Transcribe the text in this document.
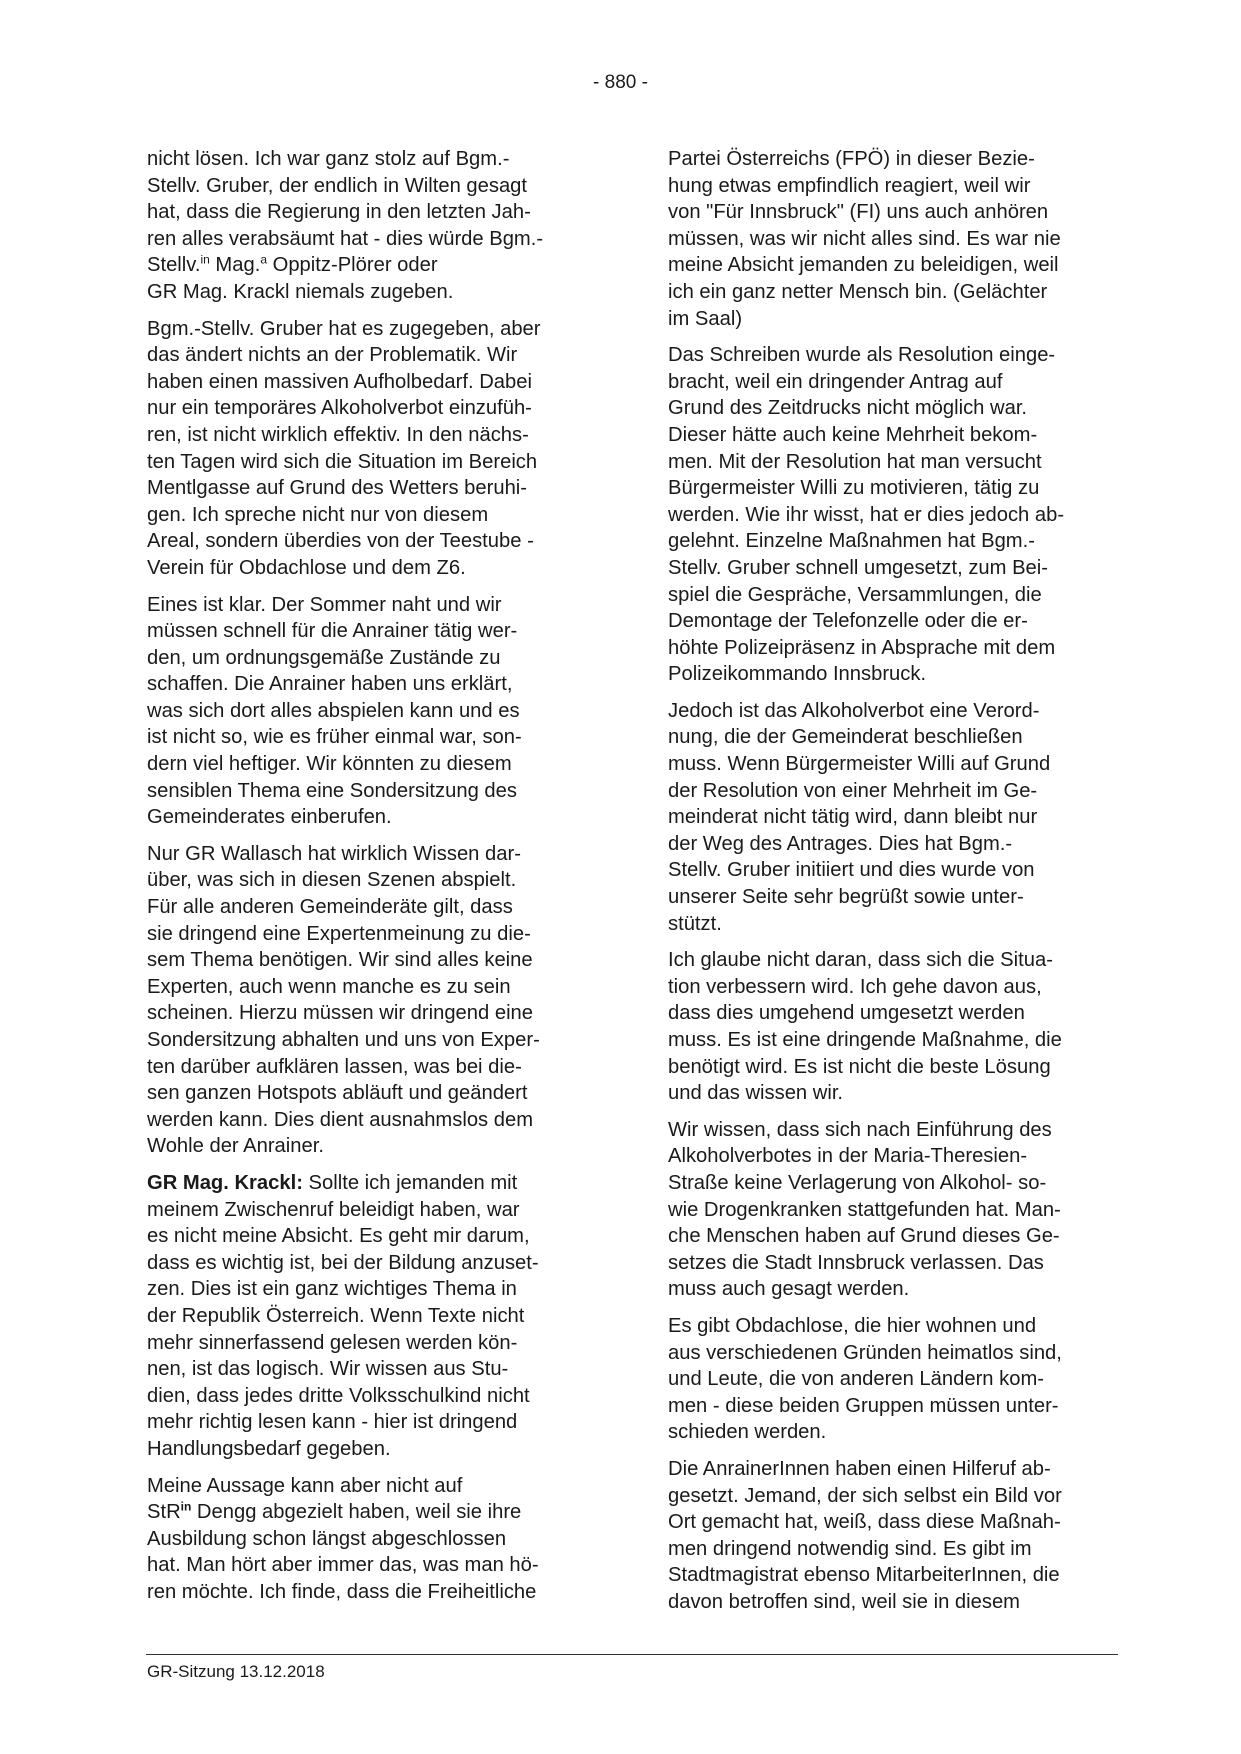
- 880 -

nicht lösen. Ich war ganz stolz auf Bgm.-
Stellv. Gruber, der endlich in Wilten gesagt
hat, dass die Regierung in den letzten Jah-
ren alles verabsäumt hat - dies würde Bgm.-
Stellv.$^{in}$ Mag.$^a$ Oppitz-Plörer oder
GR Mag. Krackl niemals zugeben.

Bgm.-Stellv. Gruber hat es zugegeben, aber
das ändert nichts an der Problematik. Wir
haben einen massiven Aufholbedarf. Dabei
nur ein temporäres Alkoholverbot einzufüh-
ren, ist nicht wirklich effektiv. In den nächs-
ten Tagen wird sich die Situation im Bereich
Mentlgasse auf Grund des Wetters beruhi-
gen. Ich spreche nicht nur von diesem
Areal, sondern überdies von der Teestube -
Verein für Obdachlose und dem Z6.

Eines ist klar. Der Sommer naht und wir
müssen schnell für die Anrainer tätig wer-
den, um ordnungsgemäße Zustände zu
schaffen. Die Anrainer haben uns erklärt,
was sich dort alles abspielen kann und es
ist nicht so, wie es früher einmal war, son-
dern viel heftiger. Wir könnten zu diesem
sensiblen Thema eine Sondersitzung des
Gemeinderates einberufen.

Nur GR Wallasch hat wirklich Wissen dar-
über, was sich in diesen Szenen abspielt.
Für alle anderen Gemeinderäte gilt, dass
sie dringend eine Expertenmeinung zu die-
sem Thema benötigen. Wir sind alles keine
Experten, auch wenn manche es zu sein
scheinen. Hierzu müssen wir dringend eine
Sondersitzung abhalten und uns von Exper-
ten darüber aufklären lassen, was bei die-
sen ganzen Hotspots abläuft und geändert
werden kann. Dies dient ausnahmslos dem
Wohle der Anrainer.

GR Mag. Krackl: Sollte ich jemanden mit
meinem Zwischenruf beleidigt haben, war
es nicht meine Absicht. Es geht mir darum,
dass es wichtig ist, bei der Bildung anzuset-
zen. Dies ist ein ganz wichtiges Thema in
der Republik Österreich. Wenn Texte nicht
mehr sinnerfassend gelesen werden kön-
nen, ist das logisch. Wir wissen aus Stu-
dien, dass jedes dritte Volksschulkind nicht
mehr richtig lesen kann - hier ist dringend
Handlungsbedarf gegeben.

Meine Aussage kann aber nicht auf
StR$^{in}$ Dengg abgezielt haben, weil sie ihre
Ausbildung schon längst abgeschlossen
hat. Man hört aber immer das, was man hö-
ren möchte. Ich finde, dass die Freiheitliche

Partei Österreichs (FPÖ) in dieser Bezie-
hung etwas empfindlich reagiert, weil wir
von "Für Innsbruck" (FI) uns auch anhören
müssen, was wir nicht alles sind. Es war nie
meine Absicht jemanden zu beleidigen, weil
ich ein ganz netter Mensch bin. (Gelächter
im Saal)

Das Schreiben wurde als Resolution einge-
bracht, weil ein dringender Antrag auf
Grund des Zeitdrucks nicht möglich war.
Dieser hätte auch keine Mehrheit bekom-
men. Mit der Resolution hat man versucht
Bürgermeister Willi zu motivieren, tätig zu
werden. Wie ihr wisst, hat er dies jedoch ab-
gelehnt. Einzelne Maßnahmen hat Bgm.-
Stellv. Gruber schnell umgesetzt, zum Bei-
spiel die Gespräche, Versammlungen, die
Demontage der Telefonzelle oder die er-
höhte Polizeipräsenz in Absprache mit dem
Polizeikommando Innsbruck.

Jedoch ist das Alkoholverbot eine Verord-
nung, die der Gemeinderat beschließen
muss. Wenn Bürgermeister Willi auf Grund
der Resolution von einer Mehrheit im Ge-
meinderat nicht tätig wird, dann bleibt nur
der Weg des Antrages. Dies hat Bgm.-
Stellv. Gruber initiiert und dies wurde von
unserer Seite sehr begrüßt sowie unter-
stützt.

Ich glaube nicht daran, dass sich die Situa-
tion verbessern wird. Ich gehe davon aus,
dass dies umgehend umgesetzt werden
muss. Es ist eine dringende Maßnahme, die
benötigt wird. Es ist nicht die beste Lösung
und das wissen wir.

Wir wissen, dass sich nach Einführung des
Alkoholverbotes in der Maria-Theresien-
Straße keine Verlagerung von Alkohol- so-
wie Drogenkranken stattgefunden hat. Man-
che Menschen haben auf Grund dieses Ge-
setzes die Stadt Innsbruck verlassen. Das
muss auch gesagt werden.

Es gibt Obdachlose, die hier wohnen und
aus verschiedenen Gründen heimatlos sind,
und Leute, die von anderen Ländern kom-
men - diese beiden Gruppen müssen unter-
schieden werden.

Die AnrainerInnen haben einen Hilferuf ab-
gesetzt. Jemand, der sich selbst ein Bild vor
Ort gemacht hat, weiß, dass diese Maßnah-
men dringend notwendig sind. Es gibt im
Stadtmagistrat ebenso MitarbeiterInnen, die
davon betroffen sind, weil sie in diesem

GR-Sitzung 13.12.2018
